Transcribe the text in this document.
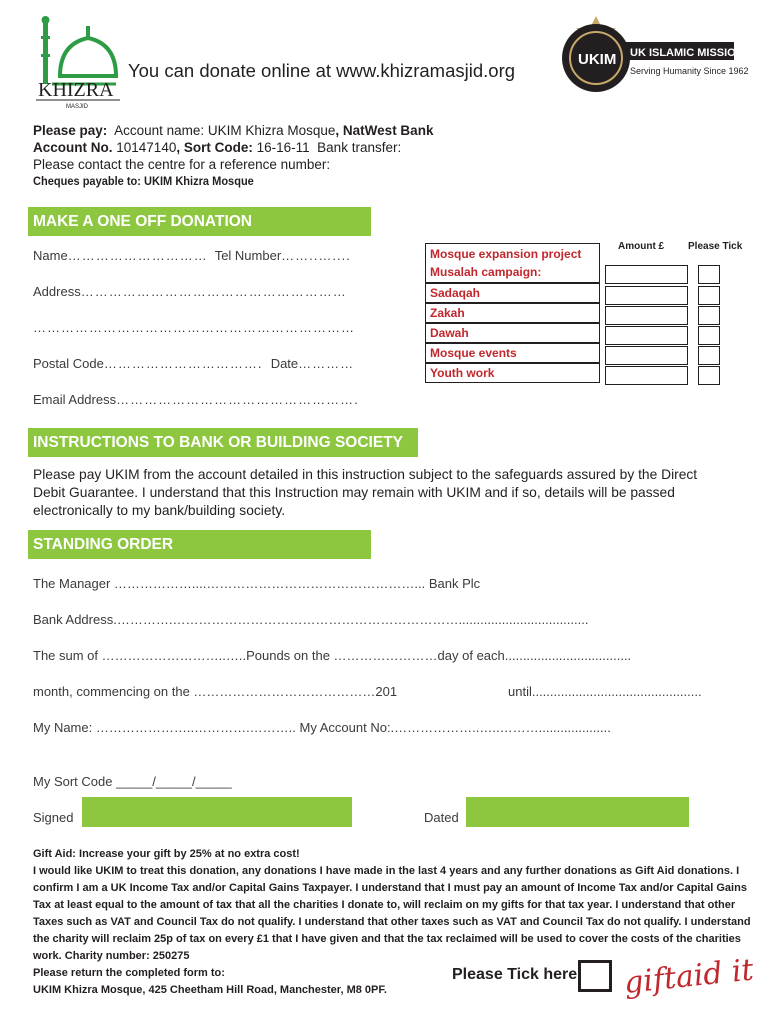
KHIZRA
MASJID
You can donate online at www.khizramasjid.org
UKIM UK ISLAMIC MISSION
Serving Humanity Since 1962
Please pay: Account name: UKIM Khizra Mosque, NatWest Bank
Account No. 10147140, Sort Code: 16-16-11 Bank transfer:
Please contact the centre for a reference number:
Cheques payable to: UKIM Khizra Mosque
MAKE A ONE OFF DONATION
Name………………………… Tel Number……..…....
Address…………………………………………………
……………………………………………………………
Postal Code…………………………….  Date…………
Email Address…………………………………………….
Amount £ Please Tick
Mosque expansion project
Musalah campaign:
Sadaqah
Zakah
Dawah
Mosque events
Youth work
INSTRUCTIONS TO BANK OR BUILDING SOCIETY
Please pay UKIM from the account detailed in this instruction subject to the safeguards assured by the Direct Debit Guarantee. I understand that this Instruction may remain with UKIM and if so, details will be passed electronically to my bank/building society.
STANDING ORDER
The Manager ………………....…………………………………………... Bank Plc
Bank Address.………….…………………………………………………………....................................
The sum of ………………………..…..Pounds on the ……………………day of each...................................
month, commencing on the ……………………………………201	until...............................................
My Name: …………………..………….……….. My Account No:.………………..…..………....................
My Sort Code _____/_____/_____
Signed	Dated
Gift Aid: Increase your gift by 25% at no extra cost!
I would like UKIM to treat this donation, any donations I have made in the last 4 years and any further donations as Gift Aid donations. I
confirm I am a UK Income Tax and/or Capital Gains Taxpayer. I understand that I must pay an amount of Income Tax and/or Capital Gains
Tax at least equal to the amount of tax that all the charities I donate to, will reclaim on my gifts for that tax year. I understand that other
Taxes such as VAT and Council Tax do not qualify. I understand that other taxes such as VAT and Council Tax do not qualify. I understand
the charity will reclaim 25p of tax on every £1 that I have given and that the tax reclaimed will be used to cover the costs of the charities
work. Charity number: 250275
Please return the completed form to:
UKIM Khizra Mosque, 425 Cheetham Hill Road, Manchester, M8 0PF.
Please Tick here giftaid it
